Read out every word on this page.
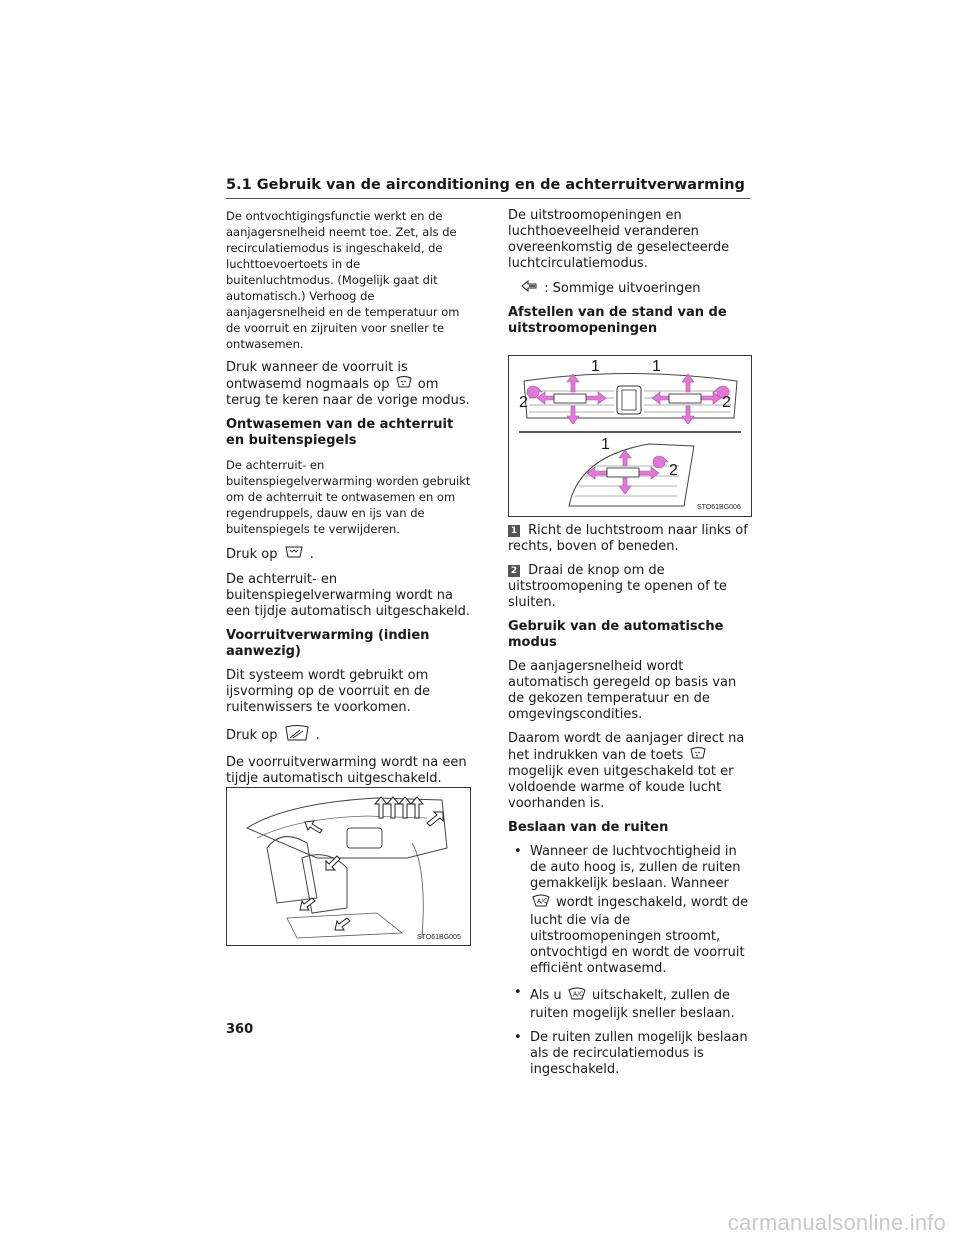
5.1 Gebruik van de airconditioning en de achterruitverwarming

De ontvochtigingsfunctie werkt en de aanjagersnelheid neemt toe. Zet, als de recirculatiemodus is ingeschakeld, de luchttoevoertoets in de buitenluchtmodus. (Mogelijk gaat dit automatisch.) Verhoog de aanjagersnelheid en de temperatuur om de voorruit en zijruiten voor sneller te ontwasemen.

Druk wanneer de voorruit is ontwasemd nogmaals op om terug te keren naar de vorige modus.

Ontwasemen van de achterruit en buitenspiegels

De achterruit- en buitenspiegelverwarming worden gebruikt om de achterruit te ontwasemen en om regendruppels, dauw en ijs van de buitenspiegels te verwijderen.

Druk op .

De achterruit- en buitenspiegelverwarming wordt na een tijdje automatisch uitgeschakeld.

Voorruitverwarming (indien aanwezig)

Dit systeem wordt gebruikt om ijsvorming op de voorruit en de ruitenwissers te voorkomen.

Druk op	.

De voorruitverwarming wordt na een tijdje automatisch uitgeschakeld.

STO61BG005

De uitstroomopeningen en luchthoeveelheid veranderen overeenkomstig de geselecteerde luchtcirculatiemodus.

: Sommige uitvoeringen

Afstellen van de stand van de uitstroomopeningen

1	1
2	2
1
2
STO61BG006

1 Richt de luchtstroom naar links of rechts, boven of beneden.

2 Draai de knop om de uitstroomopening te openen of te sluiten.

Gebruik van de automatische modus

De aanjagersnelheid wordt automatisch geregeld op basis van de gekozen temperatuur en de omgevingscondities.

Daarom wordt de aanjager direct na het indrukken van de toets  mogelijk even uitgeschakeld tot er voldoende warme of koude lucht voorhanden is.

Beslaan van de ruiten

• Wanneer de luchtvochtigheid in de auto hoog is, zullen de ruiten gemakkelijk beslaan. Wanneer
A/C wordt ingeschakeld, wordt de lucht die via de uitstroomopeningen stroomt, ontvochtigd en wordt de voorruit efficiënt ontwasemd.
• Als u A/C uitschakelt, zullen de ruiten mogelijk sneller beslaan.
• De ruiten zullen mogelijk beslaan als de recirculatiemodus is ingeschakeld.
360
carmanualsonline.info
